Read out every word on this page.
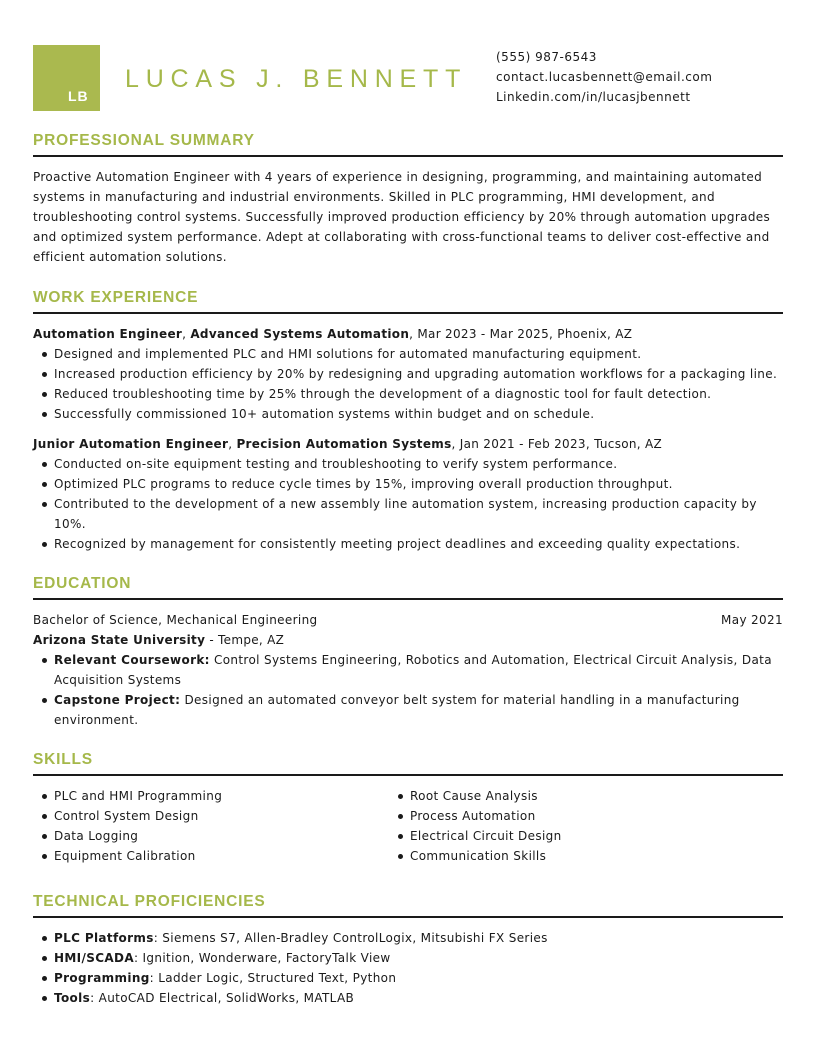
LB
LUCAS J. BENNETT
(555) 987-6543
contact.lucasbennett@email.com
Linkedin.com/in/lucasjbennett
PROFESSIONAL SUMMARY

Proactive Automation Engineer with 4 years of experience in designing, programming, and maintaining automated systems in manufacturing and industrial environments. Skilled in PLC programming, HMI development, and troubleshooting control systems. Successfully improved production efficiency by 20% through automation upgrades and optimized system performance. Adept at collaborating with cross-functional teams to deliver cost-effective and efficient automation solutions.

WORK EXPERIENCE
Automation Engineer, Advanced Systems Automation, Mar 2023 - Mar 2025, Phoenix, AZ
Designed and implemented PLC and HMI solutions for automated manufacturing equipment.
Increased production efficiency by 20% by redesigning and upgrading automation workflows for a packaging line.
Reduced troubleshooting time by 25% through the development of a diagnostic tool for fault detection.
Successfully commissioned 10+ automation systems within budget and on schedule.
Junior Automation Engineer, Precision Automation Systems, Jan 2021 - Feb 2023, Tucson, AZ
Conducted on-site equipment testing and troubleshooting to verify system performance.
Optimized PLC programs to reduce cycle times by 15%, improving overall production throughput.
Contributed to the development of a new assembly line automation system, increasing production capacity by 10%.
Recognized by management for consistently meeting project deadlines and exceeding quality expectations.
EDUCATION
Bachelor of Science, Mechanical Engineering	May 2021
Arizona State University - Tempe, AZ
Relevant Coursework: Control Systems Engineering, Robotics and Automation, Electrical Circuit Analysis, Data Acquisition Systems
Capstone Project: Designed an automated conveyor belt system for material handling in a manufacturing environment.
SKILLS
PLC and HMI Programming
Control System Design
Data Logging
Equipment Calibration
Root Cause Analysis
Process Automation
Electrical Circuit Design
Communication Skills
TECHNICAL PROFICIENCIES
PLC Platforms: Siemens S7, Allen-Bradley ControlLogix, Mitsubishi FX Series
HMI/SCADA: Ignition, Wonderware, FactoryTalk View
Programming: Ladder Logic, Structured Text, Python
Tools: AutoCAD Electrical, SolidWorks, MATLAB
